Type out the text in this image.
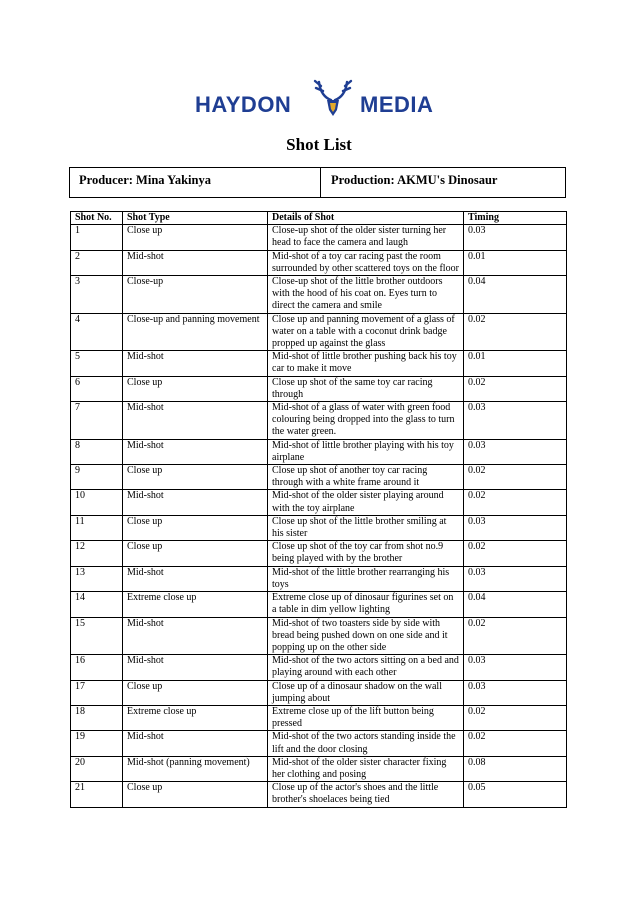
HAYDON	MEDIA
Shot List
Producer: Mina Yakinya	Production: AKMU's Dinosaur
Shot No.	Shot Type	Details of Shot	Timing
1	Close up	Close-up shot of the older sister turning her head to face the camera and laugh	0.03
2	Mid-shot	Mid-shot of a toy car racing past the room surrounded by other scattered toys on the floor	0.01
3	Close-up	Close-up shot of the little brother outdoors with the hood of his coat on. Eyes turn to direct the camera and smile	0.04
4	Close-up and panning movement	Close up and panning movement of a glass of water on a table with a coconut drink badge propped up against the glass	0.02
5	Mid-shot	Mid-shot of little brother pushing back his toy car to make it move	0.01
6	Close up	Close up shot of the same toy car racing through	0.02
7	Mid-shot	Mid-shot of a glass of water with green food colouring being dropped into the glass to turn the water green.	0.03
8	Mid-shot	Mid-shot of little brother playing with his toy airplane	0.03
9	Close up	Close up shot of another toy car racing through with a white frame around it	0.02
10	Mid-shot	Mid-shot of the older sister playing around with the toy airplane	0.02
11	Close up	Close up shot of the little brother smiling at his sister	0.03
12	Close up	Close up shot of the toy car from shot no.9 being played with by the brother	0.02
13	Mid-shot	Mid-shot of the little brother rearranging his toys	0.03
14	Extreme close up	Extreme close up of dinosaur figurines set on a table in dim yellow lighting	0.04
15	Mid-shot	Mid-shot of two toasters side by side with bread being pushed down on one side and it popping up on the other side	0.02
16	Mid-shot	Mid-shot of the two actors sitting on a bed and playing around with each other	0.03
17	Close up	Close up of a dinosaur shadow on the wall jumping about	0.03
18	Extreme close up	Extreme close up of the lift button being pressed	0.02
19	Mid-shot	Mid-shot of the two actors standing inside the lift and the door closing	0.02
20	Mid-shot (panning movement)	Mid-shot of the older sister character fixing her clothing and posing	0.08
21	Close up	Close up of the actor's shoes and the little brother's shoelaces being tied	0.05
